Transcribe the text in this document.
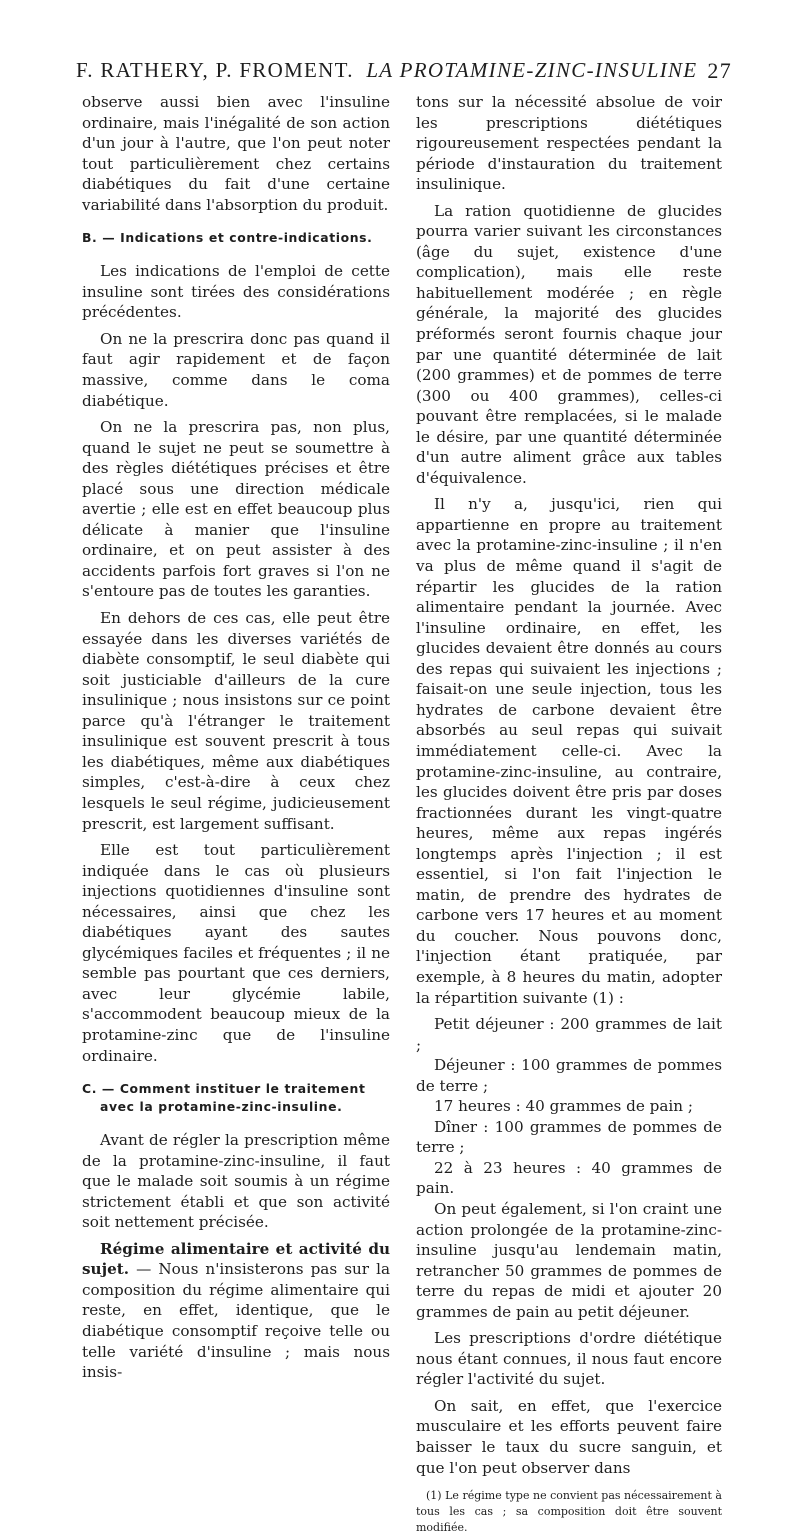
F. RATHERY, P. FROMENT. LA PROTAMINE-ZINC-INSULINE 27

observe aussi bien avec l'insuline ordinaire, mais l'inégalité de son action d'un jour à l'autre, que l'on peut noter tout particulièrement chez certains diabétiques du fait d'une certaine variabilité dans l'absorption du produit.

B. — Indications et contre-indications.

Les indications de l'emploi de cette insuline sont tirées des considérations précédentes.

On ne la prescrira donc pas quand il faut agir rapidement et de façon massive, comme dans le coma diabétique.

On ne la prescrira pas, non plus, quand le sujet ne peut se soumettre à des règles diététiques précises et être placé sous une direction médicale avertie ; elle est en effet beaucoup plus délicate à manier que l'insuline ordinaire, et on peut assister à des accidents parfois fort graves si l'on ne s'entoure pas de toutes les garanties.

En dehors de ces cas, elle peut être essayée dans les diverses variétés de diabète consomptif, le seul diabète qui soit justiciable d'ailleurs de la cure insulinique ; nous insistons sur ce point parce qu'à l'étranger le traitement insulinique est souvent prescrit à tous les diabétiques, même aux diabétiques simples, c'est-à-dire à ceux chez lesquels le seul régime, judicieusement prescrit, est largement suffisant.

Elle est tout particulièrement indiquée dans le cas où plusieurs injections quotidiennes d'insuline sont nécessaires, ainsi que chez les diabétiques ayant des sautes glycémiques faciles et fréquentes ; il ne semble pas pourtant que ces derniers, avec leur glycémie labile, s'accommodent beaucoup mieux de la protamine-zinc que de l'insuline ordinaire.

C. — Comment instituer le traitement
avec la protamine-zinc-insuline.

Avant de régler la prescription même de la protamine-zinc-insuline, il faut que le malade soit soumis à un régime strictement établi et que son activité soit nettement précisée.

Régime alimentaire et activité du sujet. — Nous n'insisterons pas sur la composition du régime alimentaire qui reste, en effet, identique, que le diabétique consomptif reçoive telle ou telle variété d'insuline ; mais nous insis-

tons sur la nécessité absolue de voir les prescriptions diététiques rigoureusement respectées pendant la période d'instauration du traitement insulinique.

La ration quotidienne de glucides pourra varier suivant les circonstances (âge du sujet, existence d'une complication), mais elle reste habituellement modérée ; en règle générale, la majorité des glucides préformés seront fournis chaque jour par une quantité déterminée de lait (200 grammes) et de pommes de terre (300 ou 400 grammes), celles-ci pouvant être remplacées, si le malade le désire, par une quantité déterminée d'un autre aliment grâce aux tables d'équivalence.

Il n'y a, jusqu'ici, rien qui appartienne en propre au traitement avec la protamine-zinc-insuline ; il n'en va plus de même quand il s'agit de répartir les glucides de la ration alimentaire pendant la journée. Avec l'insuline ordinaire, en effet, les glucides devaient être donnés au cours des repas qui suivaient les injections ; faisait-on une seule injection, tous les hydrates de carbone devaient être absorbés au seul repas qui suivait immédiatement celle-ci. Avec la protamine-zinc-insuline, au contraire, les glucides doivent être pris par doses fractionnées durant les vingt-quatre heures, même aux repas ingérés longtemps après l'injection ; il est essentiel, si l'on fait l'injection le matin, de prendre des hydrates de carbone vers 17 heures et au moment du coucher. Nous pouvons donc, l'injection étant pratiquée, par exemple, à 8 heures du matin, adopter la répartition suivante (1) :

Petit déjeuner : 200 grammes de lait ;

Déjeuner : 100 grammes de pommes de terre ;

17 heures : 40 grammes de pain ;

Dîner : 100 grammes de pommes de terre ;

22 à 23 heures : 40 grammes de pain.

On peut également, si l'on craint une action prolongée de la protamine-zinc-insuline jusqu'au lendemain matin, retrancher 50 grammes de pommes de terre du repas de midi et ajouter 20 grammes de pain au petit déjeuner.

Les prescriptions d'ordre diététique nous étant connues, il nous faut encore régler l'activité du sujet.

On sait, en effet, que l'exercice musculaire et les efforts peuvent faire baisser le taux du sucre sanguin, et que l'on peut observer dans

(1) Le régime type ne convient pas nécessairement à tous les cas ; sa composition doit être souvent modifiée.
